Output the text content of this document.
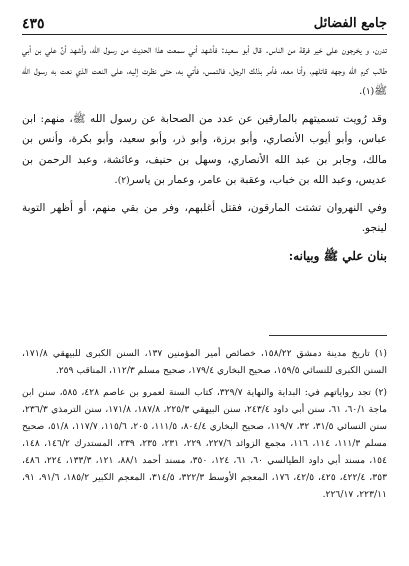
جامع الفضائل
٤٣٥

تدرن، و يخرجون على خير فرقة من الناس. قال أبو سعيد: فأشهد أني سمعت هذا الحديث من رسول الله، وأشهد أنَّ علي بن أبي طالب كرم الله وجهه قاتلهم، وأنا معه، فأمر بذلك الرجل، فالتمس، فأتي به، حتى نظرت إليه، على النعت الذي نعت به رسول الله ﷺ(١).

وقد رُويت تسميتهم بالمارقين عن عدد من الصحابة عن رسول الله ﷺ، منهم: ابن عباس، وأبو أيوب الأنصاري، وأبو برزة، وأبو ذر، وأبو سعيد، وأبو بكرة، وأنس بن مالك، وجابر بن عبد الله الأنصاري، وسهل بن حنيف، وعائشة، وعبد الرحمن بن عديس، وعبد الله بن خباب، وعقبة بن عامر، وعمار بن ياسر(٢).

وفي النهروان تشتت المارقون، فقتل أغلبهم، وفر من بقي منهم، أو أظهر التوبة لينجو.

بنان علي ﷺ وبيانه:

(١) تاريخ مدينة دمشق ١٥٨/٢٢، خصائص أمير المؤمنين ١٣٧، السنن الكبرى للبيهقي ١٧١/٨، السنن الكبرى للنسائي ١٥٩/٥، صحيح البخاري ١٧٩/٤، صحيح مسلم ١١٢/٣، المناقب ٢٥٩.

(٢) تجد رواياتهم في: البداية والنهاية ٣٢٩/٧، كتاب السنة لعمرو بن عاصم ٤٢٨، ٥٨٥، سنن ابن ماجة ٦٠/١، ٦١، سنن أبي داود ٢٤٣/٤، سنن البيهقي ٢٢٥/٣، ١٨٧/٨، ١٧١/٨، سنن الترمذي ٢٣٦/٣، سنن النسائي ٣١/٥، ٣٢، ١١٩/٧، صحيح البخاري ٨٠٤/٤، ١١١/٥، ٢٠٥، ١١٥/٦، ١١٧/٧، ٥١/٨، صحيح مسلم ١١١/٣، ١١٤، ١١٦، مجمع الزوائد ٢٢٧/٦، ٢٢٩، ٢٣١، ٢٣٥، ٢٣٩، المستدرك ١٤٦/٢، ١٤٨، ١٥٤، مسند أبي داود الطيالسي ٦٠، ٦١، ١٢٤، ٣٥٠، مسند أحمد ٨٨/١، ١٢١، ١٣٣/٣، ٢٢٤، ٤٨٦، ٣٥٣، ٤٢٢/٤، ٤٢٥، ٤٢/٥، ١٧٦، المعجم الأوسط ٣٢٢/٣، ٣١٤/٥، المعجم الكبير ١٨٥/٢، ٩١/٦، ٩١، ٢٢٣/١١، ٢٢٦/١٧.
